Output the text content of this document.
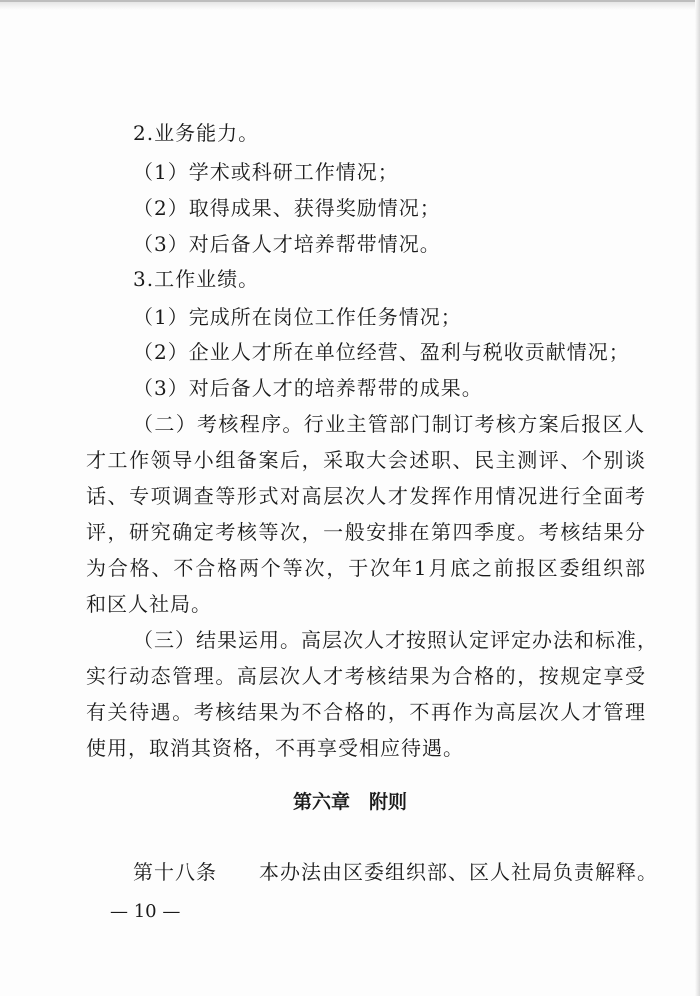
2.业务能力。
（1）学术或科研工作情况；
（2）取得成果、获得奖励情况；
（3）对后备人才培养帮带情况。
3.工作业绩。
（1）完成所在岗位工作任务情况；
（2）企业人才所在单位经营、盈利与税收贡献情况；
（3）对后备人才的培养帮带的成果。
（二）考核程序。行业主管部门制订考核方案后报区人
才工作领导小组备案后，采取大会述职、民主测评、个别谈
话、专项调查等形式对高层次人才发挥作用情况进行全面考
评，研究确定考核等次，一般安排在第四季度。考核结果分
为合格、不合格两个等次，于次年1月底之前报区委组织部
和区人社局。
（三）结果运用。高层次人才按照认定评定办法和标准，
实行动态管理。高层次人才考核结果为合格的，按规定享受
有关待遇。考核结果为不合格的，不再作为高层次人才管理
使用，取消其资格，不再享受相应待遇。
第六章　附则
第十八条　　本办法由区委组织部、区人社局负责解释。
— 10 —
